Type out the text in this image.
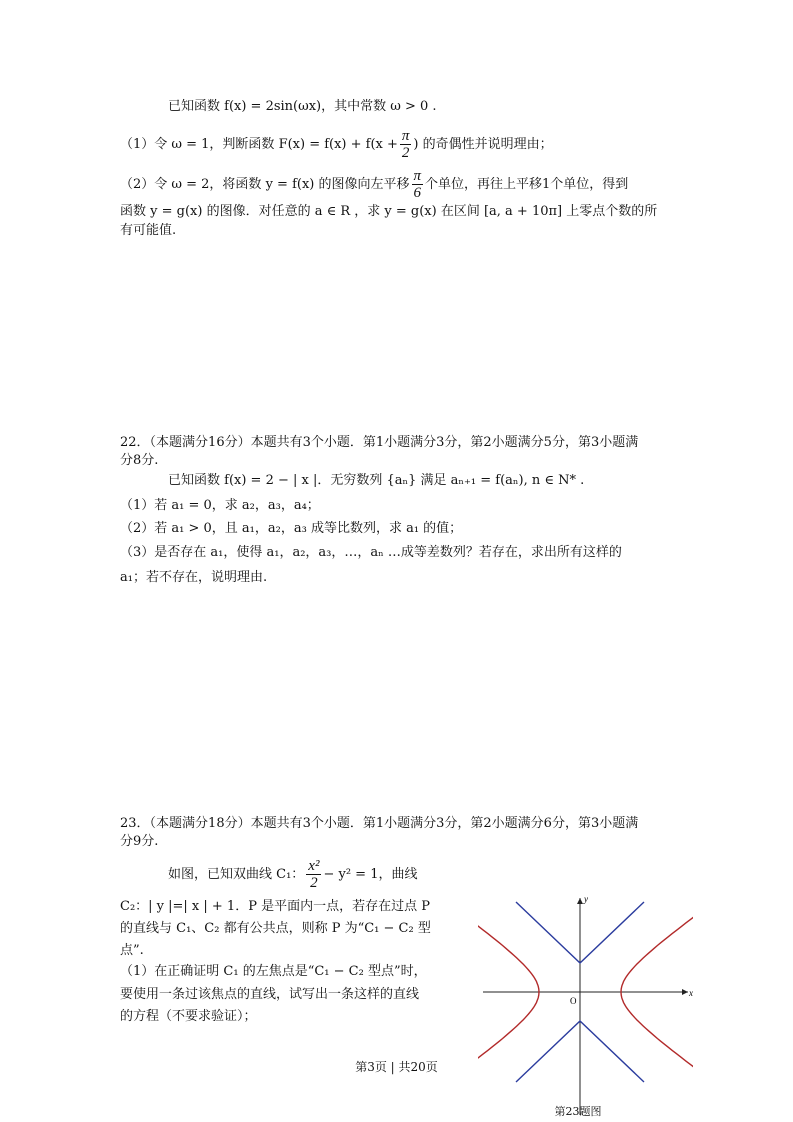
已知函数 f(x) = 2sin(ωx)，其中常数 ω > 0 .
（1）令 ω = 1，判断函数 $F(x) = f(x) + f(x + \frac{\pi}{2}$ ) 的奇偶性并说明理由；
（2）令 ω = 2，将函数 y = f(x) 的图像向左平移 $\frac{\pi}{6}$ 个单位，再往上平移1个单位，得到
函数 y = g(x) 的图像．对任意的 a ∈ R ，求 y = g(x) 在区间 [a, a + 10π] 上零点个数的所
有可能值.
22．（本题满分16分）本题共有3个小题．第1小题满分3分，第2小题满分5分，第3小题满
分8分.
已知函数 f(x) = 2 − | x |．无穷数列 {aₙ} 满足 aₙ₊₁ = f(aₙ), n ∈ N* .
（1）若 a₁ = 0，求 a₂，a₃，a₄；
（2）若 a₁ > 0，且 a₁，a₂，a₃ 成等比数列，求 a₁ 的值；
（3）是否存在 a₁，使得 a₁，a₂，a₃，…，aₙ …成等差数列？若存在，求出所有这样的
a₁；若不存在，说明理由.
23．（本题满分18分）本题共有3个小题．第1小题满分3分，第2小题满分6分，第3小题满
分9分.
如图，已知双曲线 C₁： $\frac{\text{x²}}{2} - y^2 = 1$，曲线
C₂：| y |=| x | + 1．P 是平面内一点，若存在过点 P
的直线与 C₁、C₂ 都有公共点，则称 P 为“C₁ − C₂ 型
点”.
（1）在正确证明 C₁ 的左焦点是“C₁ − C₂ 型点”时，
要使用一条过该焦点的直线，试写出一条这样的直线
的方程（不要求验证）；
x
y
O
第23题图
第3页 | 共20页
